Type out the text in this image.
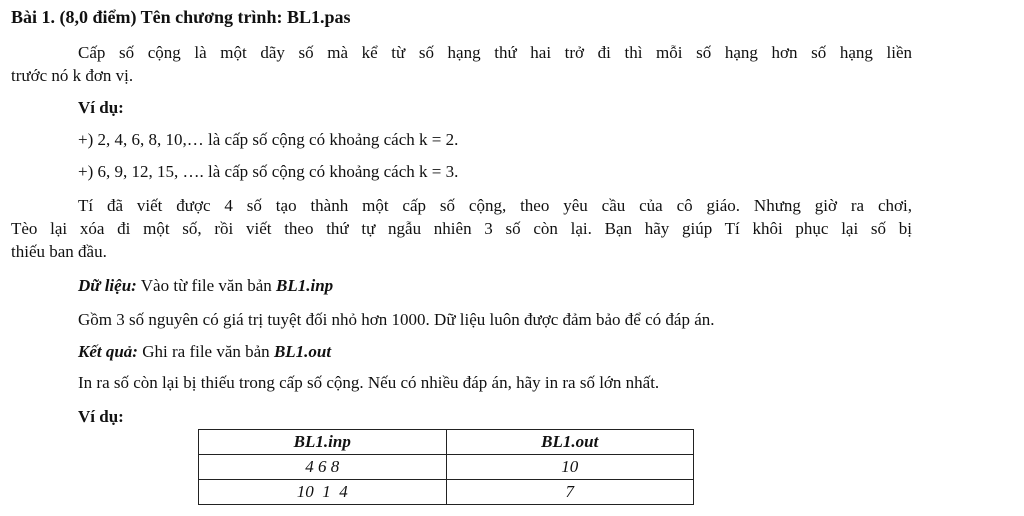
Bài 1. (8,0 điểm) Tên chương trình: BL1.pas
Cấp số cộng là một dãy số mà kể từ số hạng thứ hai trở đi thì mỗi số hạng hơn số hạng liền
trước nó k đơn vị.
Ví dụ:
+) 2, 4, 6, 8, 10,… là cấp số cộng có khoảng cách k = 2.
+) 6, 9, 12, 15, …. là cấp số cộng có khoảng cách k = 3.
Tí đã viết được 4 số tạo thành một cấp số cộng, theo yêu cầu của cô giáo. Nhưng giờ ra chơi,
Tèo lại xóa đi một số, rồi viết theo thứ tự ngẫu nhiên 3 số còn lại. Bạn hãy giúp Tí khôi phục lại số bị
thiếu ban đầu.
Dữ liệu: Vào từ file văn bản BL1.inp
Gồm 3 số nguyên có giá trị tuyệt đối nhỏ hơn 1000. Dữ liệu luôn được đảm bảo để có đáp án.
Kết quả: Ghi ra file văn bản BL1.out
In ra số còn lại bị thiếu trong cấp số cộng. Nếu có nhiều đáp án, hãy in ra số lớn nhất.
Ví dụ:
BL1.inp	BL1.out
4 6 8	10
10  1  4	7
